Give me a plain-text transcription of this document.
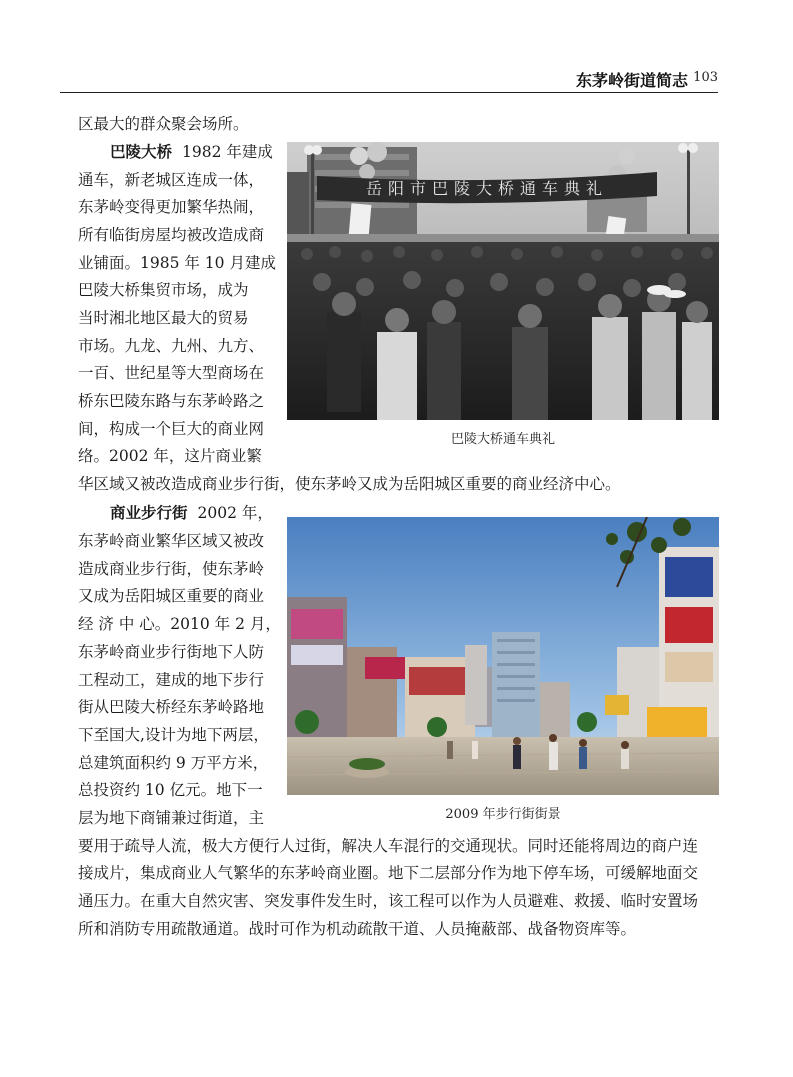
东茅岭街道简志 103
区最大的群众聚会场所。
巴陵大桥 1982 年建成
通车，新老城区连成一体，
东茅岭变得更加繁华热闹，
所有临街房屋均被改造成商
业铺面。1985 年 10 月建成
巴陵大桥集贸市场，成为
当时湘北地区最大的贸易
市场。九龙、九州、九方、
一百、世纪星等大型商场在
桥东巴陵东路与东茅岭路之
间，构成一个巨大的商业网
络。2002 年，这片商业繁
华区域又被改造成商业步行街，使东茅岭又成为岳阳城区重要的商业经济中心。
岳阳市巴陵大桥通车典礼
巴陵大桥通车典礼
商业步行街 2002 年，
东茅岭商业繁华区域又被改
造成商业步行街，使东茅岭
又成为岳阳城区重要的商业
经 济 中 心。2010 年 2 月，
东茅岭商业步行街地下人防
工程动工，建成的地下步行
街从巴陵大桥经东茅岭路地
下至国大,设计为地下两层，
总建筑面积约 9 万平方米，
总投资约 10 亿元。地下一
层为地下商铺兼过街道，主
要用于疏导人流，极大方便行人过街，解决人车混行的交通现状。同时还能将周边的商户连
接成片，集成商业人气繁华的东茅岭商业圈。地下二层部分作为地下停车场，可缓解地面交
通压力。在重大自然灾害、突发事件发生时，该工程可以作为人员避难、救援、临时安置场
所和消防专用疏散通道。战时可作为机动疏散干道、人员掩蔽部、战备物资库等。
2009 年步行街街景
